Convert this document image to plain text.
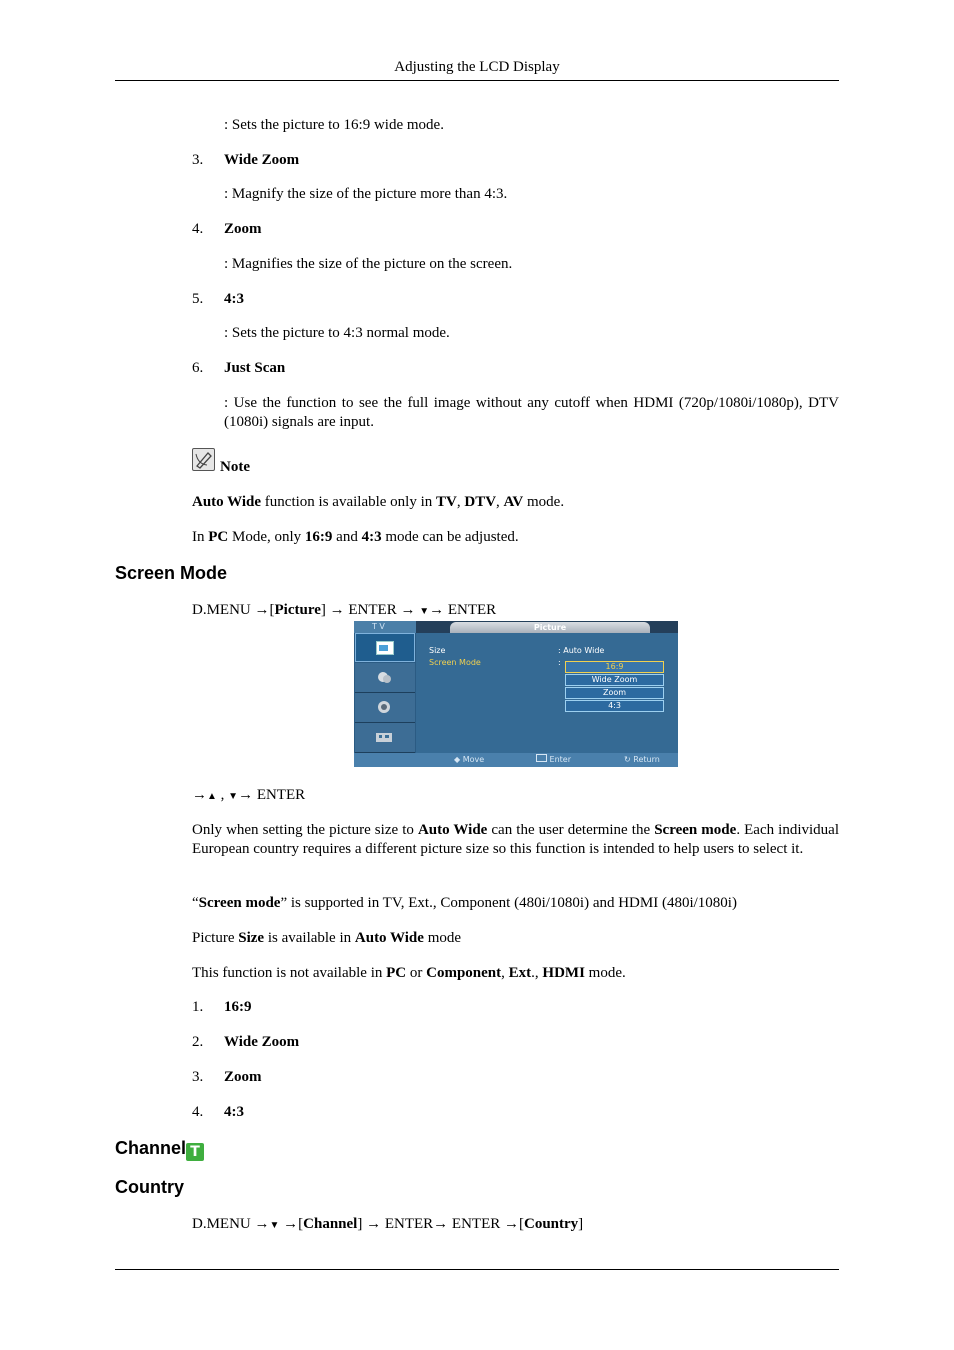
Adjusting the LCD Display
: Sets the picture to 16:9 wide mode.
3. Wide Zoom
: Magnify the size of the picture more than 4:3.
4. Zoom
: Magnifies the size of the picture on the screen.
5. 4:3
: Sets the picture to 4:3 normal mode.
6. Just Scan
: Use the function to see the full image without any cutoff when HDMI (720p/1080i/1080p), DTV (1080i) signals are input.
Note
Auto Wide function is available only in TV, DTV, AV mode.
In PC Mode, only 16:9 and 4:3 mode can be adjusted.
Screen Mode
D.MENU →[Picture] → ENTER → ▼→ ENTER
T V	Picture
Size	: Auto Wide
Screen Mode	:	16:9
Wide Zoom
Zoom
4:3
◆ Move	Enter	↻ Return
→▲ , ▼→ ENTER
Only when setting the picture size to Auto Wide can the user determine the Screen mode. Each individual European country requires a different picture size so this function is intended to help users to select it.
“Screen mode” is supported in TV, Ext., Component (480i/1080i) and HDMI (480i/1080i)
Picture Size is available in Auto Wide mode
This function is not available in PC or Component, Ext., HDMI mode.
1. 16:9
2. Wide Zoom
3. Zoom
4. 4:3
Channel T
Country
D.MENU →▼ →[Channel] → ENTER→ ENTER →[Country]
